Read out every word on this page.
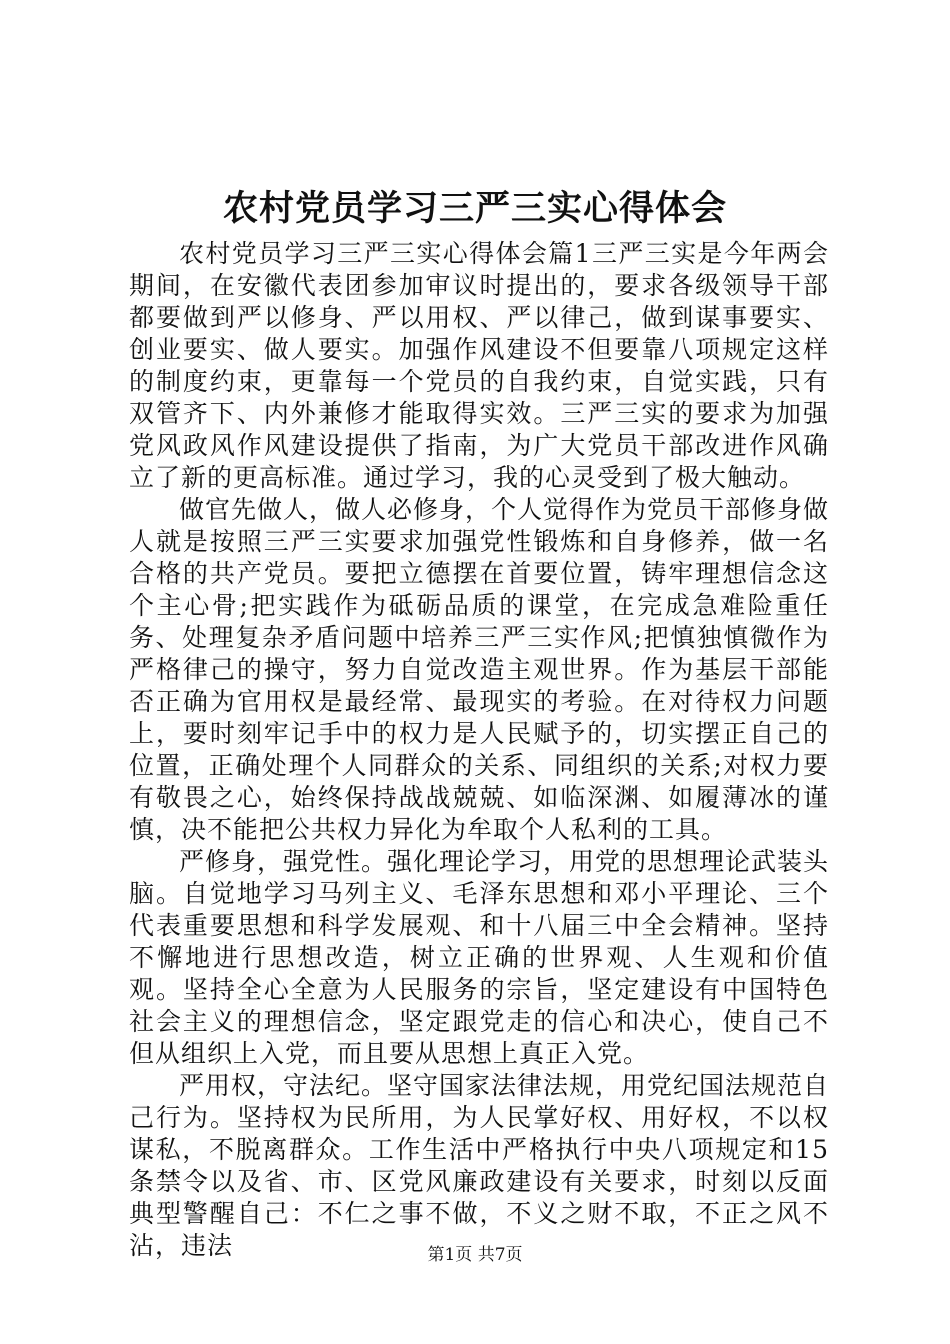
农村党员学习三严三实心得体会

农村党员学习三严三实心得体会篇1三严三实是今年两会期间，在安徽代表团参加审议时提出的，要求各级领导干部都要做到严以修身、严以用权、严以律己，做到谋事要实、创业要实、做人要实。加强作风建设不但要靠八项规定这样的制度约束，更靠每一个党员的自我约束，自觉实践，只有双管齐下、内外兼修才能取得实效。三严三实的要求为加强党风政风作风建设提供了指南，为广大党员干部改进作风确立了新的更高标准。通过学习，我的心灵受到了极大触动。

做官先做人，做人必修身，个人觉得作为党员干部修身做人就是按照三严三实要求加强党性锻炼和自身修养，做一名合格的共产党员。要把立德摆在首要位置，铸牢理想信念这个主心骨;把实践作为砥砺品质的课堂，在完成急难险重任务、处理复杂矛盾问题中培养三严三实作风;把慎独慎微作为严格律己的操守，努力自觉改造主观世界。作为基层干部能否正确为官用权是最经常、最现实的考验。在对待权力问题上，要时刻牢记手中的权力是人民赋予的，切实摆正自己的位置，正确处理个人同群众的关系、同组织的关系;对权力要有敬畏之心，始终保持战战兢兢、如临深渊、如履薄冰的谨慎，决不能把公共权力异化为牟取个人私利的工具。

严修身，强党性。强化理论学习，用党的思想理论武装头脑。自觉地学习马列主义、毛泽东思想和邓小平理论、三个代表重要思想和科学发展观、和十八届三中全会精神。坚持不懈地进行思想改造，树立正确的世界观、人生观和价值观。坚持全心全意为人民服务的宗旨，坚定建设有中国特色社会主义的理想信念，坚定跟党走的信心和决心，使自己不但从组织上入党，而且要从思想上真正入党。

严用权，守法纪。坚守国家法律法规，用党纪国法规范自己行为。坚持权为民所用，为人民掌好权、用好权，不以权谋私，不脱离群众。工作生活中严格执行中央八项规定和15条禁令以及省、市、区党风廉政建设有关要求，时刻以反面典型警醒自己：不仁之事不做，不义之财不取，不正之风不沾，违法	第1页 共7页
